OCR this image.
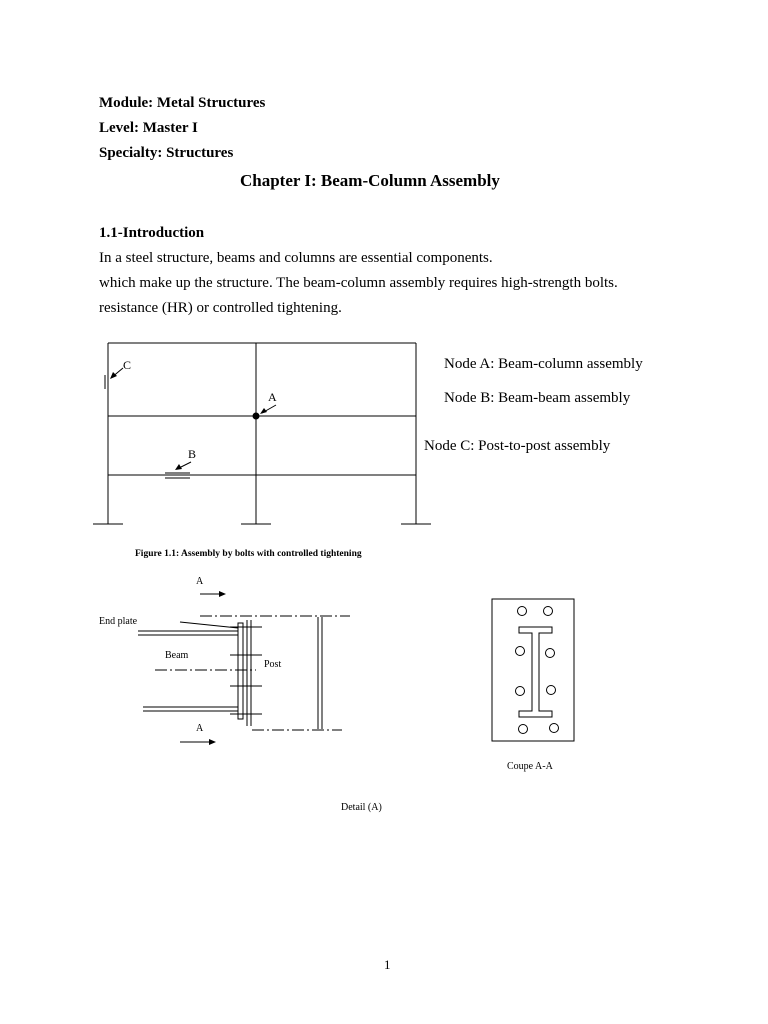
Module: Metal Structures
Level: Master I
Specialty: Structures
Chapter I: Beam-Column Assembly
1.1-Introduction
In a steel structure, beams and columns are essential components.
which make up the structure. The beam-column assembly requires high-strength bolts.
resistance (HR) or controlled tightening.
C
A
B
Node A: Beam-column assembly
Node B: Beam-beam assembly
Node C: Post-to-post assembly
Figure 1.1: Assembly by bolts with controlled tightening
A
A
End plate
Beam
Post
Coupe A-A
Detail (A)
1
